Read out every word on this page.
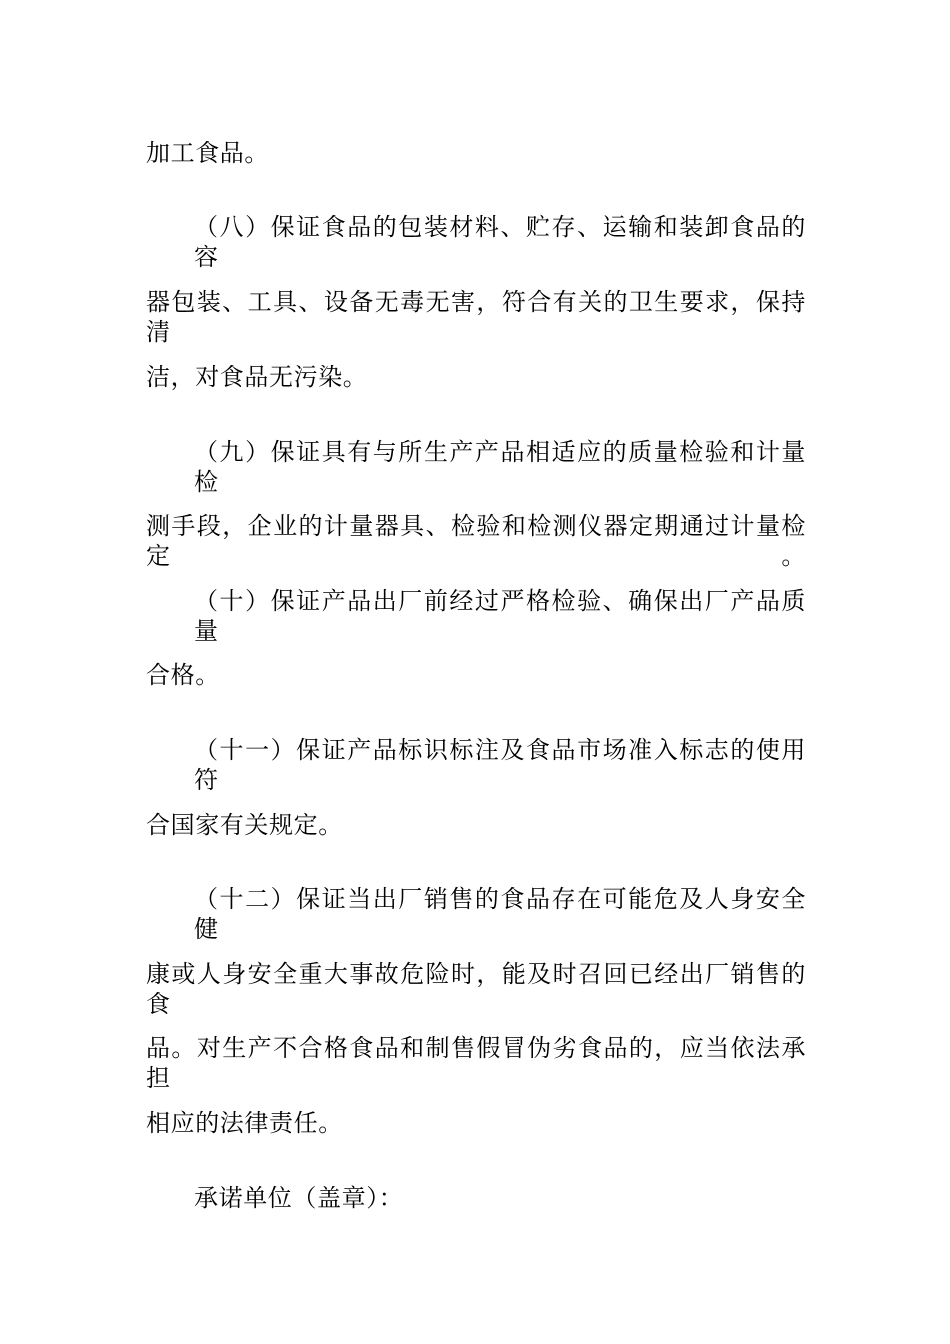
加工食品。
（八）保证食品的包装材料、贮存、运输和装卸食品的容
器包装、工具、设备无毒无害，符合有关的卫生要求，保持清
洁，对食品无污染。
（九）保证具有与所生产产品相适应的质量检验和计量检
测手段，企业的计量器具、检验和检测仪器定期通过计量检定。
（十）保证产品出厂前经过严格检验、确保出厂产品质量
合格。
（十一）保证产品标识标注及食品市场准入标志的使用符
合国家有关规定。
（十二）保证当出厂销售的食品存在可能危及人身安全健
康或人身安全重大事故危险时，能及时召回已经出厂销售的食
品。对生产不合格食品和制售假冒伪劣食品的，应当依法承担
相应的法律责任。
承诺单位（盖章）：
